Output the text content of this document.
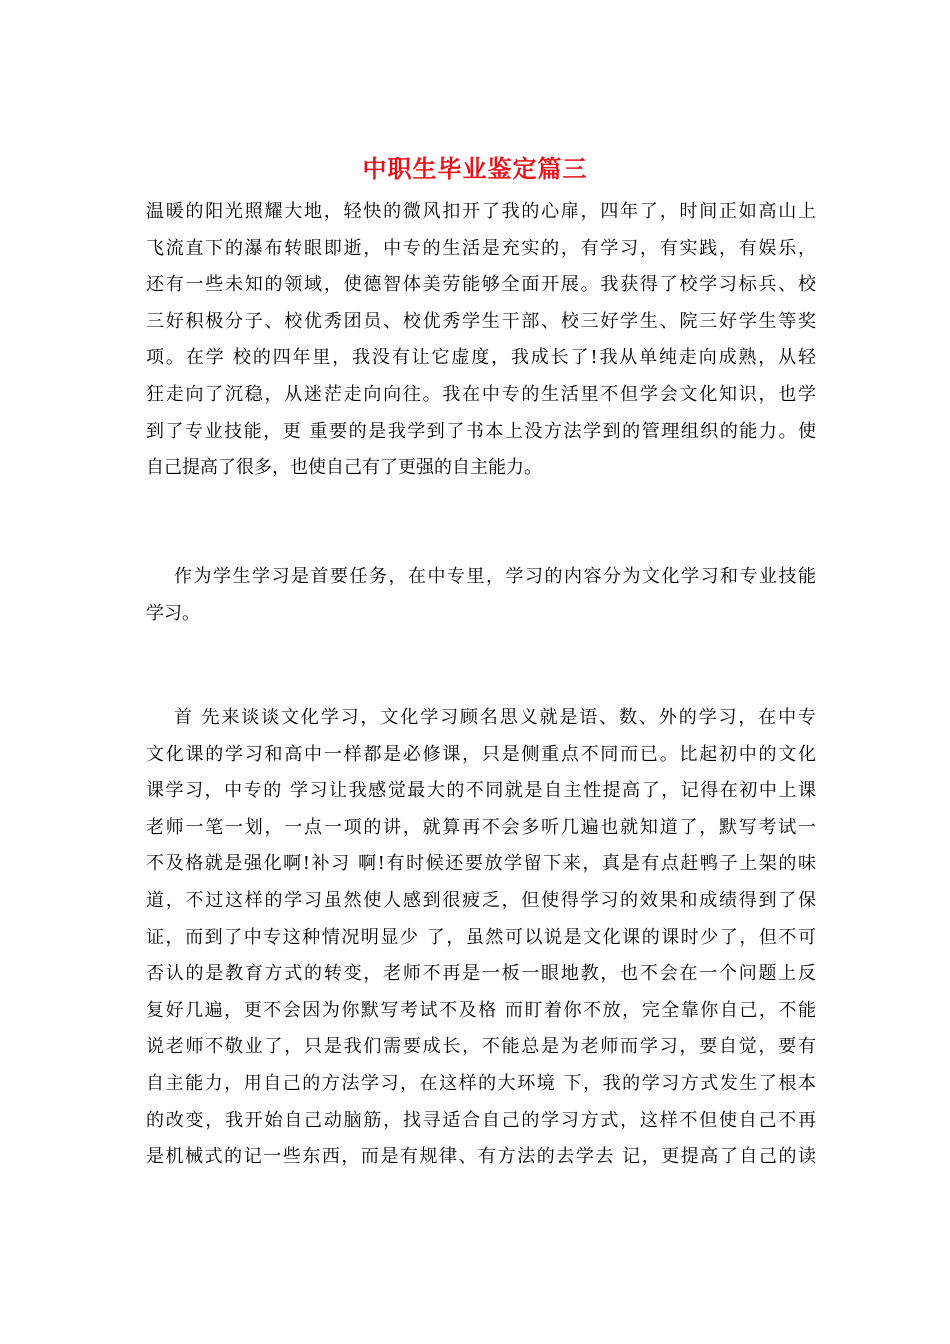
中职生毕业鉴定篇三
温暖的阳光照耀大地，轻快的微风扣开了我的心扉，四年了，时间正如高山上
飞流直下的瀑布转眼即逝，中专的生活是充实的，有学习，有实践，有娱乐，
还有一些未知的领域，使德智体美劳能够全面开展。我获得了校学习标兵、校
三好积极分子、校优秀团员、校优秀学生干部、校三好学生、院三好学生等奖
项。在学 校的四年里，我没有让它虚度，我成长了!我从单纯走向成熟，从轻
狂走向了沉稳，从迷茫走向向往。我在中专的生活里不但学会文化知识，也学
到了专业技能，更 重要的是我学到了书本上没方法学到的管理组织的能力。使
自己提高了很多，也使自己有了更强的自主能力。
作为学生学习是首要任务，在中专里，学习的内容分为文化学习和专业技能
学习。
首 先来谈谈文化学习，文化学习顾名思义就是语、数、外的学习，在中专
文化课的学习和高中一样都是必修课，只是侧重点不同而已。比起初中的文化
课学习，中专的 学习让我感觉最大的不同就是自主性提高了，记得在初中上课
老师一笔一划，一点一项的讲，就算再不会多听几遍也就知道了，默写考试一
不及格就是强化啊!补习 啊!有时候还要放学留下来，真是有点赶鸭子上架的味
道，不过这样的学习虽然使人感到很疲乏，但使得学习的效果和成绩得到了保
证，而到了中专这种情况明显少 了，虽然可以说是文化课的课时少了，但不可
否认的是教育方式的转变，老师不再是一板一眼地教，也不会在一个问题上反
复好几遍，更不会因为你默写考试不及格 而盯着你不放，完全靠你自己，不能
说老师不敬业了，只是我们需要成长，不能总是为老师而学习，要自觉，要有
自主能力，用自己的方法学习，在这样的大环境 下，我的学习方式发生了根本
的改变，我开始自己动脑筋，找寻适合自己的学习方式，这样不但使自己不再
是机械式的记一些东西，而是有规律、有方法的去学去 记，更提高了自己的读
